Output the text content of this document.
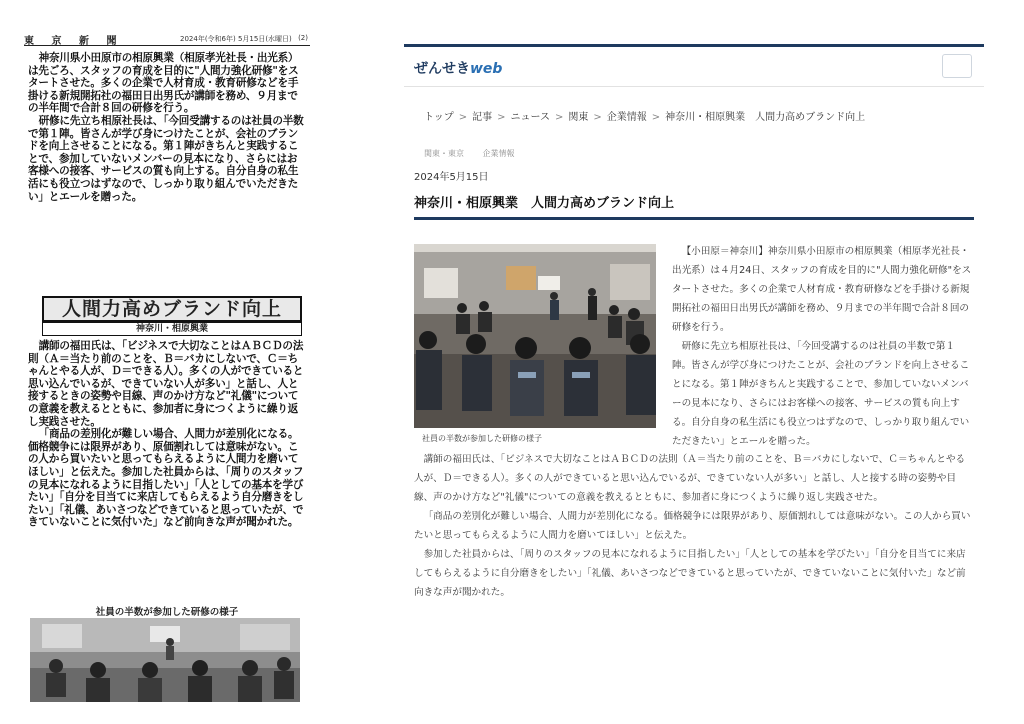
東 京 新 聞	2024年(令和6年) 5月15日(水曜日) (2)

神奈川県小田原市の相原興業（相原孝光社長・出光系）は先ごろ、スタッフの育成を目的に"人間力強化研修"をスタートさせた。多くの企業で人材育成・教育研修などを手掛ける新規開拓社の福田日出男氏が講師を務め、９月までの半年間で合計８回の研修を行う。

研修に先立ち相原社長は、「今回受講するのは社員の半数で第１陣。皆さんが学び身につけたことが、会社のブランドを向上させることになる。第１陣がきちんと実践することで、参加していないメンバーの見本になり、さらにはお客様への接客、サービスの質も向上する。自分自身の私生活にも役立つはずなので、しっかり取り組んでいただきたい」とエールを贈った。

人間力高めブランド向上
神奈川・相原興業

講師の福田氏は、「ビジネスで大切なことはＡＢＣＤの法則（Ａ＝当たり前のことを、Ｂ＝バカにしないで、Ｃ＝ちゃんとやる人が、Ｄ＝できる人）。多くの人ができていると思い込んでいるが、できていない人が多い」と話し、人と接するときの姿勢や目線、声のかけ方など"礼儀"についての意義を教えるとともに、参加者に身につくように繰り返し実践させた。

「商品の差別化が難しい場合、人間力が差別化になる。価格競争には限界があり、原価割れしては意味がない。この人から買いたいと思ってもらえるように人間力を磨いてほしい」と伝えた。参加した社員からは、「周りのスタッフの見本になれるように目指したい」「人としての基本を学びたい」「自分を目当てに来店してもらえるよう自分磨きをしたい」「礼儀、あいさつなどできていると思っていたが、できていないことに気付いた」など前向きな声が聞かれた。

社員の半数が参加した研修の様子
ぜんせきweb
トップ > 記事 > ニュース > 関東 > 企業情報 > 神奈川・相原興業　人間力高めブランド向上
関東・東京 企業情報
2024年5月15日
神奈川・相原興業　人間力高めブランド向上
社員の半数が参加した研修の様子

【小田原＝神奈川】神奈川県小田原市の相原興業（相原孝光社長・出光系）は４月24日、スタッフの育成を目的に"人間力強化研修"をスタートさせた。多くの企業で人材育成・教育研修などを手掛ける新規開拓社の福田日出男氏が講師を務め、９月までの半年間で合計８回の研修を行う。

研修に先立ち相原社長は、「今回受講するのは社員の半数で第１陣。皆さんが学び身につけたことが、会社のブランドを向上させることになる。第１陣がきちんと実践することで、参加していないメンバーの見本になり、さらにはお客様への接客、サービスの質も向上する。自分自身の私生活にも役立つはずなので、しっかり取り組んでいただきたい」とエールを贈った。

講師の福田氏は、「ビジネスで大切なことはＡＢＣＤの法則（Ａ＝当たり前のことを、Ｂ＝バカにしないで、Ｃ＝ちゃんとやる人が、Ｄ＝できる人）。多くの人ができていると思い込んでいるが、できていない人が多い」と話し、人と接する時の姿勢や目線、声のかけ方など"礼儀"についての意義を教えるとともに、参加者に身につくように繰り返し実践させた。

「商品の差別化が難しい場合、人間力が差別化になる。価格競争には限界があり、原価割れしては意味がない。この人から買いたいと思ってもらえるように人間力を磨いてほしい」と伝えた。

参加した社員からは、「周りのスタッフの見本になれるように目指したい」「人としての基本を学びたい」「自分を目当てに来店してもらえるように自分磨きをしたい」「礼儀、あいさつなどできていると思っていたが、できていないことに気付いた」など前向きな声が聞かれた。
